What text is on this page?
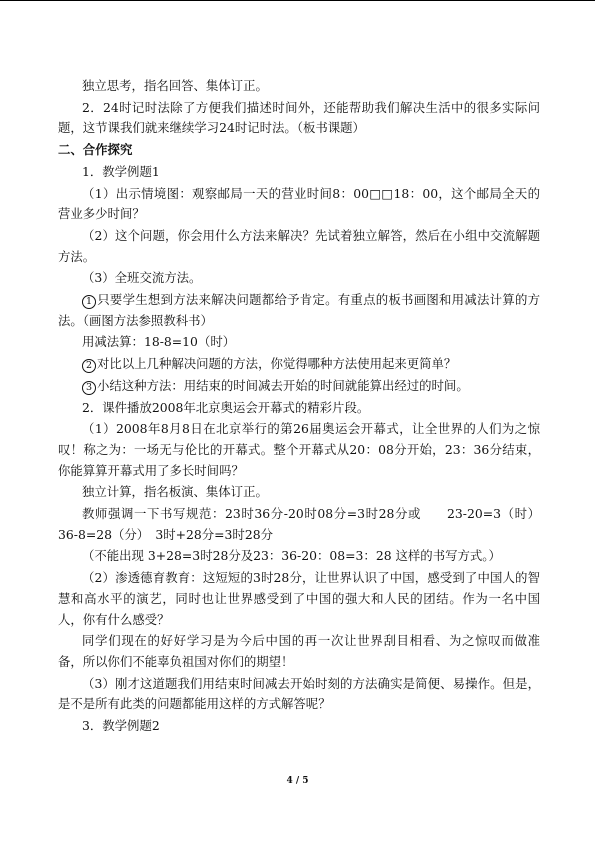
独立思考，指名回答、集体订正。

2．24时记时法除了方便我们描述时间外，还能帮助我们解决生活中的很多实际问题，这节课我们就来继续学习24时记时法。（板书课题）

二、合作探究

1．教学例题1

（1）出示情境图：观察邮局一天的营业时间8：00□□18：00，这个邮局全天的营业多少时间？

（2）这个问题，你会用什么方法来解决？先试着独立解答，然后在小组中交流解题方法。

（3）全班交流方法。

1 只要学生想到方法来解决问题都给予肯定。有重点的板书画图和用减法计算的方法。（画图方法参照教科书）

用减法算：18-8=10（时）

2 对比以上几种解决问题的方法，你觉得哪种方法使用起来更简单？

3 小结这种方法：用结束的时间减去开始的时间就能算出经过的时间。

2．课件播放2008年北京奥运会开幕式的精彩片段。

（1）2008年8月8日在北京举行的第26届奥运会开幕式，让全世界的人们为之惊叹！称之为：一场无与伦比的开幕式。整个开幕式从20：08分开始，23：36分结束，你能算算开幕式用了多长时间吗？

独立计算，指名板演、集体订正。

教师强调一下书写规范：23时36分-20时08分=3时28分或　　23-20=3（时）36-8=28（分）　3时+28分=3时28分

（不能出现 3+28=3时28分及23：36-20：08=3：28 这样的书写方式。）

（2）渗透德育教育：这短短的3时28分，让世界认识了中国，感受到了中国人的智慧和高水平的演艺，同时也让世界感受到了中国的强大和人民的团结。作为一名中国人，你有什么感受？

同学们现在的好好学习是为今后中国的再一次让世界刮目相看、为之惊叹而做准备，所以你们不能辜负祖国对你们的期望！

（3）刚才这道题我们用结束时间减去开始时刻的方法确实是简便、易操作。但是，是不是所有此类的问题都能用这样的方式解答呢？

3．教学例题2

4 / 5
